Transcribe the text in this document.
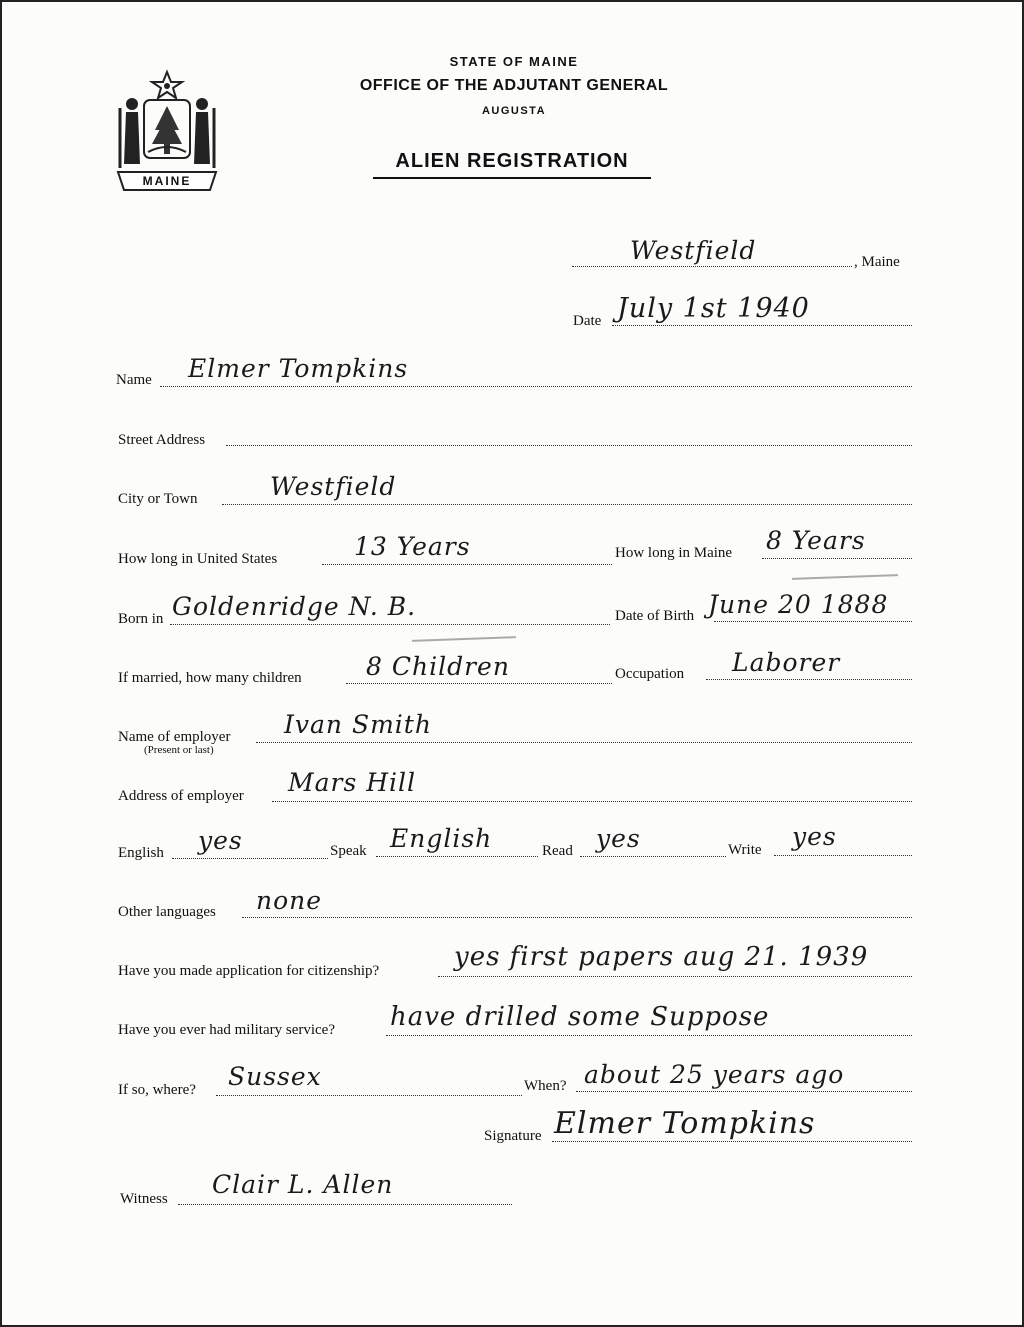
MAINE
STATE OF MAINE
OFFICE OF THE ADJUTANT GENERAL
AUGUSTA
ALIEN REGISTRATION
Westfield	, Maine
Date July 1st 1940
Name Elmer Tompkins
Street Address
City or Town	Westfield
How long in United States	13 Years	How long in Maine 8 Years
Born in Goldenridge N. B.	Date of Birth June 20 1888
If married, how many children	8 Children	Occupation Laborer
Name of employer
(Present or last)
Ivan Smith
Address of employer Mars Hill
English yes	Speak English	Read yes	Write yes
Other languages none
Have you made application for citizenship?	yes first papers aug 21. 1939
Have you ever had military service? have drilled some Suppose
If so, where? Sussex	When? about 25 years ago
Signature Elmer Tompkins
Witness Clair L. Allen
